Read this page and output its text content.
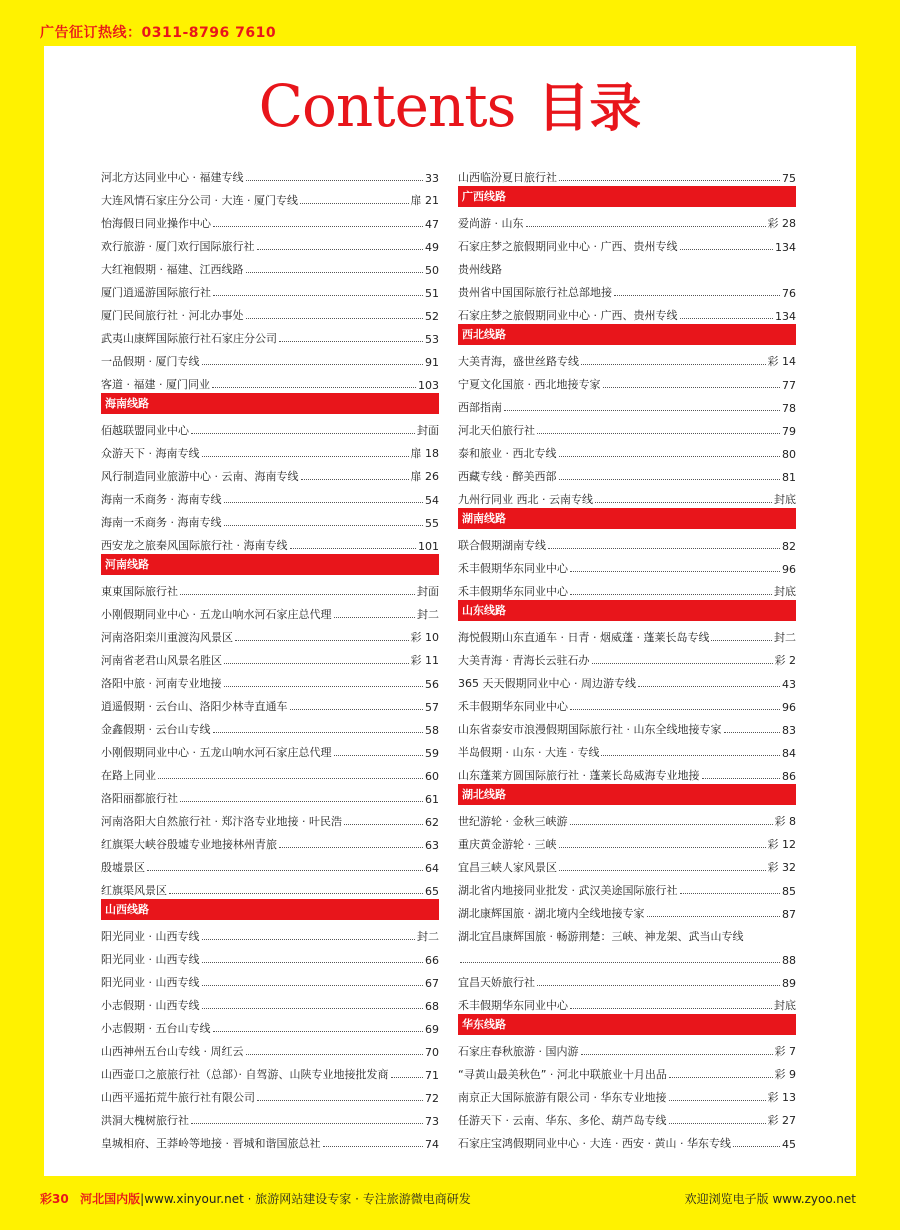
广告征订热线：0311-8796 7610
Contents 目录
河北方达同业中心 · 福建专线	33
大连风情石家庄分公司 · 大连 · 厦门专线	扉 21
怡海假日同业操作中心	47
欢行旅游 · 厦门欢行国际旅行社	49
大红袍假期 · 福建、江西线路	50
厦门逍遥游国际旅行社	51
厦门民间旅行社 · 河北办事处	52
武夷山康辉国际旅行社石家庄分公司	53
一品假期 · 厦门专线	91
客道 · 福建 · 厦门同业	103
海南线路
佰越联盟同业中心	封面
众游天下 · 海南专线	扉 18
风行制造同业旅游中心 · 云南、海南专线	扉 26
海南一禾商务 · 海南专线	54
海南一禾商务 · 海南专线	55
西安龙之旅秦风国际旅行社 · 海南专线	101
河南线路
東東国际旅行社	封面
小刚假期同业中心 · 五龙山响水河石家庄总代理	封二
河南洛阳栾川重渡沟风景区	彩 10
河南省老君山风景名胜区	彩 11
洛阳中旅 · 河南专业地接	56
逍遥假期 · 云台山、洛阳少林寺直通车	57
金鑫假期 · 云台山专线	58
小刚假期同业中心 · 五龙山响水河石家庄总代理	59
在路上同业	60
洛阳丽都旅行社	61
河南洛阳大自然旅行社 · 郑汴洛专业地接 · 叶民浩	62
红旗渠大峡谷殷墟专业地接林州青旅	63
殷墟景区	64
红旗渠风景区	65
山西线路
阳光同业 · 山西专线	封二
阳光同业 · 山西专线	66
阳光同业 · 山西专线	67
小志假期 · 山西专线	68
小志假期 · 五台山专线	69
山西神州五台山专线 · 周红云	70
山西壶口之旅旅行社（总部）· 自驾游、山陕专业地接批发商	71
山西平遥拓荒牛旅行社有限公司	72
洪洞大槐树旅行社	73
皇城相府、王莽岭等地接 · 晋城和谐国旅总社	74
山西临汾夏日旅行社	75
广西线路
爱尚游 · 山东	彩 28
石家庄梦之旅假期同业中心 · 广西、贵州专线	134
贵州线路
贵州省中国国际旅行社总部地接	76
石家庄梦之旅假期同业中心 · 广西、贵州专线	134
西北线路
大美青海，盛世丝路专线	彩 14
宁夏文化国旅 · 西北地接专家	77
西部指南	78
河北天伯旅行社	79
泰和旅业 · 西北专线	80
西藏专线 · 醉美西部	81
九州行同业 西北 · 云南专线	封底
湖南线路
联合假期湖南专线	82
禾丰假期华东同业中心	96
禾丰假期华东同业中心	封底
山东线路
海悦假期山东直通车 · 日青 · 烟威蓬 · 蓬莱长岛专线	封二
大美青海 · 青海长云驻石办	彩 2
365 天天假期同业中心 · 周边游专线	43
禾丰假期华东同业中心	96
山东省泰安市浪漫假期国际旅行社 · 山东全线地接专家	83
半岛假期 · 山东 · 大连 · 专线	84
山东蓬莱方圆国际旅行社 · 蓬莱长岛威海专业地接	86
湖北线路
世纪游轮 · 金秋三峡游	彩 8
重庆黄金游轮 · 三峡	彩 12
宜昌三峡人家风景区	彩 32
湖北省内地接同业批发 · 武汉美途国际旅行社	85
湖北康辉国旅 · 湖北境内全线地接专家	87
湖北宜昌康辉国旅 · 畅游荆楚：三峡、神龙架、武当山专线
88
宜昌天娇旅行社	89
禾丰假期华东同业中心	封底
华东线路
石家庄春秋旅游 · 国内游	彩 7
“寻黄山最美秋色” · 河北中联旅业十月出品	彩 9
南京正大国际旅游有限公司 · 华东专业地接	彩 13
任游天下 · 云南、华东、多伦、葫芦岛专线	彩 27
石家庄宝鸿假期同业中心 · 大连 · 西安 · 黄山 · 华东专线	45
彩30 河北国内版|www.xinyour.net · 旅游网站建设专家 · 专注旅游微电商研发	欢迎浏览电子版 www.zyoo.net
